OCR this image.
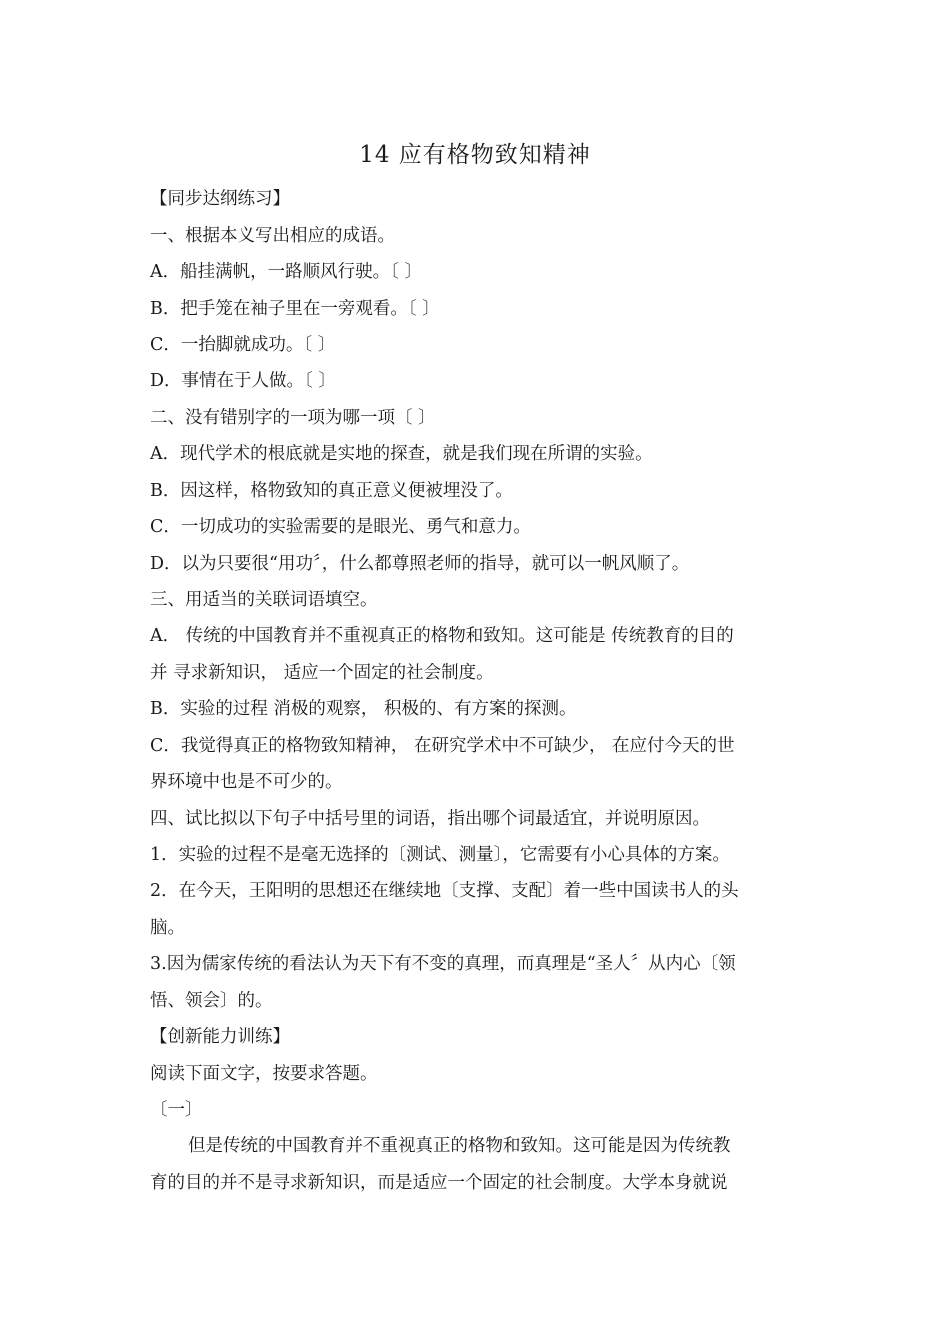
14 应有格物致知精神
【同步达纲练习】
一、根据本义写出相应的成语。
A．船挂满帆，一路顺风行驶。〔 〕
B．把手笼在袖子里在一旁观看。〔 〕
C．一抬脚就成功。〔 〕
D．事情在于人做。〔 〕
二、没有错别字的一项为哪一项〔 〕
A．现代学术的根底就是实地的探查，就是我们现在所谓的实验。
B．因这样，格物致知的真正意义便被埋没了。
C．一切成功的实验需要的是眼光、勇气和意力。
D．以为只要很“用功〞，什么都尊照老师的指导，就可以一帆风顺了。
三、用适当的关联词语填空。
A． 传统的中国教育并不重视真正的格物和致知。这可能是 传统教育的目的
并 寻求新知识， 适应一个固定的社会制度。
B．实验的过程 消极的观察， 积极的、有方案的探测。
C．我觉得真正的格物致知精神， 在研究学术中不可缺少， 在应付今天的世
界环境中也是不可少的。
四、试比拟以下句子中括号里的词语，指出哪个词最适宜，并说明原因。
1．实验的过程不是毫无选择的〔测试、测量〕，它需要有小心具体的方案。
2．在今天，王阳明的思想还在继续地〔支撑、支配〕着一些中国读书人的头
脑。
3.因为儒家传统的看法认为天下有不变的真理，而真理是“圣人〞从内心〔领
悟、领会〕的。
【创新能力训练】
阅读下面文字，按要求答题。
〔一〕
但是传统的中国教育并不重视真正的格物和致知。这可能是因为传统教
育的目的并不是寻求新知识，而是适应一个固定的社会制度。大学本身就说
